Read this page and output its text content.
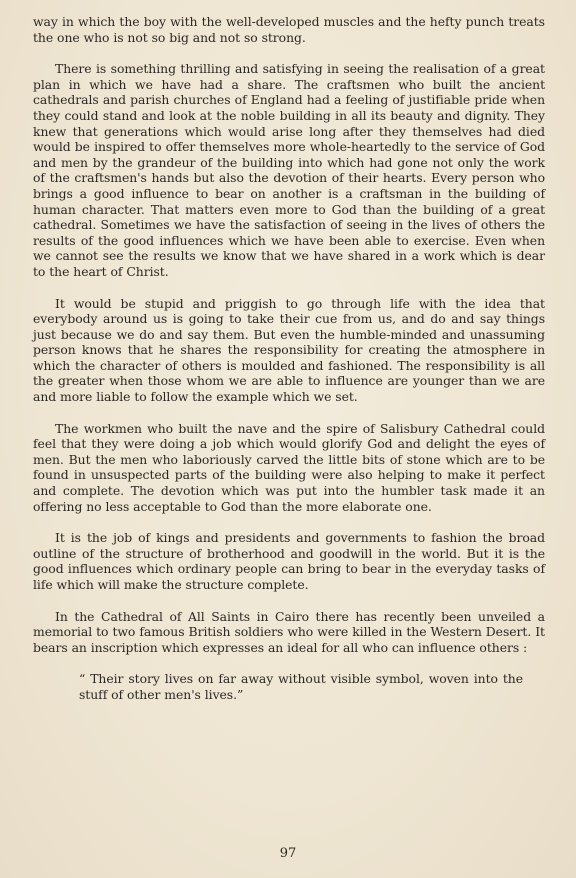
way in which the boy with the well-developed muscles and the hefty punch treats the one who is not so big and not so strong.

There is something thrilling and satisfying in seeing the realisation of a great plan in which we have had a share. The craftsmen who built the ancient cathedrals and parish churches of England had a feeling of justifiable pride when they could stand and look at the noble building in all its beauty and dignity. They knew that generations which would arise long after they themselves had died would be inspired to offer themselves more whole-heartedly to the service of God and men by the grandeur of the building into which had gone not only the work of the craftsmen's hands but also the devotion of their hearts. Every person who brings a good influence to bear on another is a craftsman in the building of human character. That matters even more to God than the building of a great cathedral. Sometimes we have the satisfaction of seeing in the lives of others the results of the good influences which we have been able to exercise. Even when we cannot see the results we know that we have shared in a work which is dear to the heart of Christ.

It would be stupid and priggish to go through life with the idea that everybody around us is going to take their cue from us, and do and say things just because we do and say them. But even the humble-minded and unassuming person knows that he shares the responsibility for creating the atmosphere in which the character of others is moulded and fashioned. The responsibility is all the greater when those whom we are able to influence are younger than we are and more liable to follow the example which we set.

The workmen who built the nave and the spire of Salisbury Cathedral could feel that they were doing a job which would glorify God and delight the eyes of men. But the men who laboriously carved the little bits of stone which are to be found in unsuspected parts of the building were also helping to make it perfect and complete. The devotion which was put into the humbler task made it an offering no less acceptable to God than the more elaborate one.

It is the job of kings and presidents and governments to fashion the broad outline of the structure of brotherhood and goodwill in the world. But it is the good influences which ordinary people can bring to bear in the everyday tasks of life which will make the structure complete.

In the Cathedral of All Saints in Cairo there has recently been unveiled a memorial to two famous British soldiers who were killed in the Western Desert. It bears an inscription which expresses an ideal for all who can influence others :

“ Their story lives on far away without visible symbol, woven into the stuff of other men's lives.”

97
